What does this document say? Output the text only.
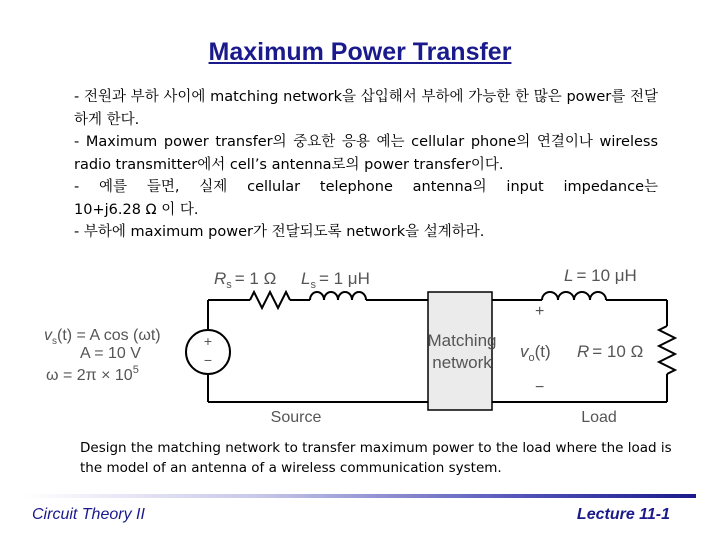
Maximum Power Transfer
- 전원과 부하 사이에 matching network을 삽입해서 부하에 가능한 한 많은 power를 전달하게 한다.
- Maximum power transfer의 중요한 응용 예는 cellular phone의 연결이나 wireless radio transmitter에서 cell’s antenna로의 power transfer이다.
- 예를 들면, 실제 cellular telephone antenna의 input impedance는
10+j6.28 Ω 이 다.
- 부하에 maximum power가 전달되도록 network을 설계하라.
+
−
Matching
network
$R_s = 1$ Ω $L_s = 1$ μH	L = 10 μH
R = 10 Ω
$v_s(t) = A$ cos (ωt)
A = 10 V
$\omega = 2\pi \times 10^5$
+
$v_o(t)$
−
Source	Load
Design the matching network to transfer maximum power to the load where the load is the model of an antenna of a wireless communication system.
Circuit Theory II	Lecture 11-1
